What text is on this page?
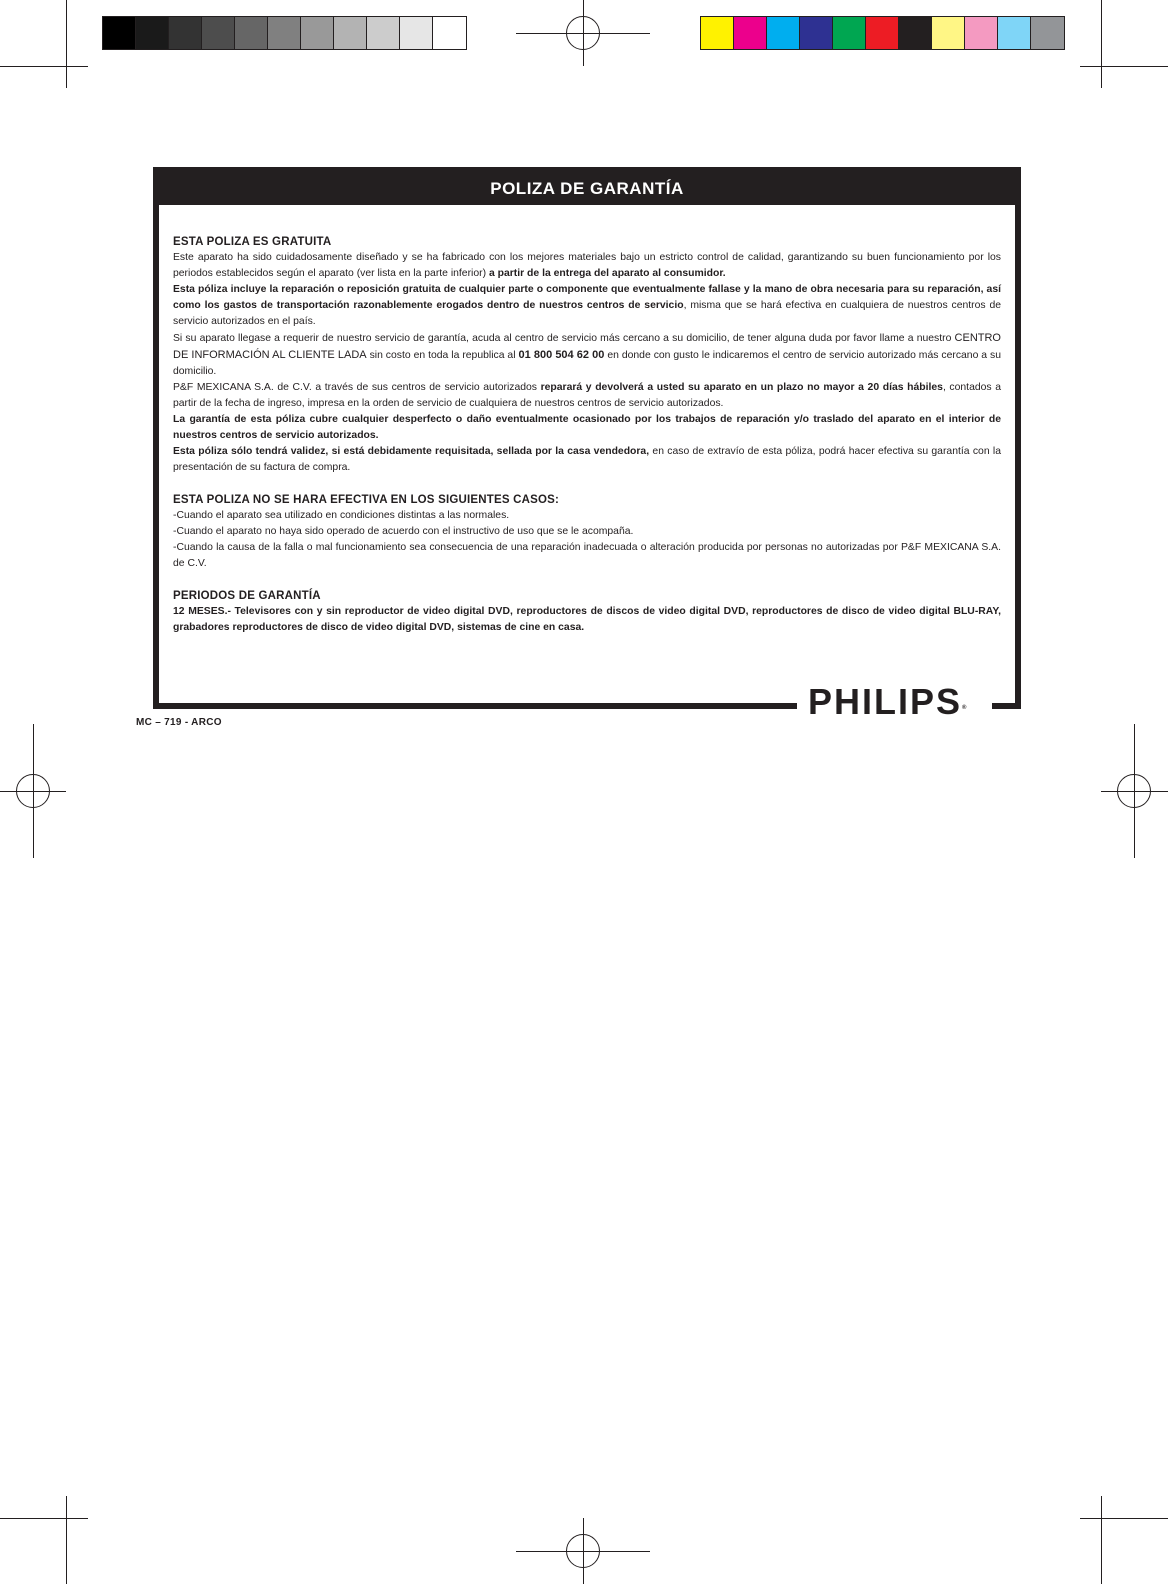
POLIZA DE GARANTÍA
ESTA POLIZA ES GRATUITA

Este aparato ha sido cuidadosamente diseñado y se ha fabricado con los mejores materiales bajo un estricto control de calidad, garantizando su buen funcionamiento por los periodos establecidos según el aparato (ver lista en la parte inferior) a partir de la entrega del aparato al consumidor.

Esta póliza incluye la reparación o reposición gratuita de cualquier parte o componente que eventualmente fallase y la mano de obra necesaria para su reparación, así como los gastos de transportación razonablemente erogados dentro de nuestros centros de servicio, misma que se hará efectiva en cualquiera de nuestros centros de servicio autorizados en el país.

Si su aparato llegase a requerir de nuestro servicio de garantía, acuda al centro de servicio más cercano a su domicilio, de tener alguna duda por favor llame a nuestro CENTRO DE INFORMACIÓN AL CLIENTE LADA sin costo en toda la republica al 01 800 504 62 00 en donde con gusto le indicaremos el centro de servicio autorizado más cercano a su domicilio.

P&F MEXICANA S.A. de C.V. a través de sus centros de servicio autorizados reparará y devolverá a usted su aparato en un plazo no mayor a 20 días hábiles, contados a partir de la fecha de ingreso, impresa en la orden de servicio de cualquiera de nuestros centros de servicio autorizados.

La garantía de esta póliza cubre cualquier desperfecto o daño eventualmente ocasionado por los trabajos de reparación y/o traslado del aparato en el interior de nuestros centros de servicio autorizados.

Esta póliza sólo tendrá validez, si está debidamente requisitada, sellada por la casa vendedora, en caso de extravío de esta póliza, podrá hacer efectiva su garantía con la presentación de su factura de compra.

ESTA POLIZA NO SE HARA EFECTIVA EN LOS SIGUIENTES CASOS:

-Cuando el aparato sea utilizado en condiciones distintas a las normales.

-Cuando el aparato no haya sido operado de acuerdo con el instructivo de uso que se le acompaña.

-Cuando la causa de la falla o mal funcionamiento sea consecuencia de una reparación inadecuada o alteración producida por personas no autorizadas por P&F MEXICANA S.A. de C.V.

PERIODOS DE GARANTÍA

12 MESES.- Televisores con y sin reproductor de video digital DVD, reproductores de discos de video digital DVD, reproductores de disco de video digital BLU-RAY, grabadores reproductores de disco de video digital DVD, sistemas de cine en casa.

PHILIPS®
MC – 719 - ARCO
